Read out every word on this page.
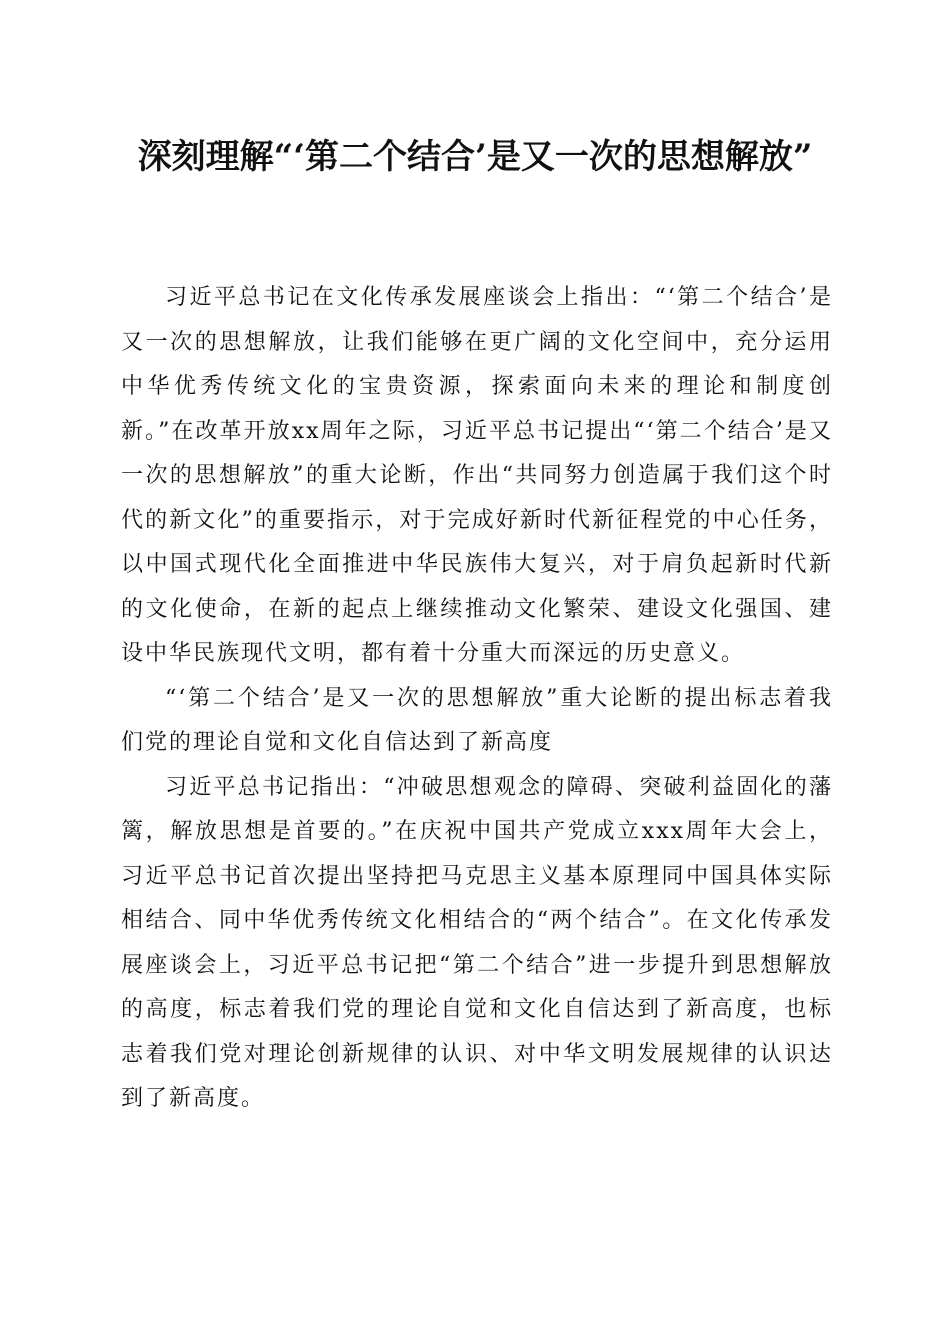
深刻理解“‘第二个结合’是又一次的思想解放”

习近平总书记在文化传承发展座谈会上指出：“‘第二个结合’是又一次的思想解放，让我们能够在更广阔的文化空间中，充分运用中华优秀传统文化的宝贵资源，探索面向未来的理论和制度创新。”在改革开放xx周年之际，习近平总书记提出“‘第二个结合’是又一次的思想解放”的重大论断，作出“共同努力创造属于我们这个时代的新文化”的重要指示，对于完成好新时代新征程党的中心任务，以中国式现代化全面推进中华民族伟大复兴，对于肩负起新时代新的文化使命，在新的起点上继续推动文化繁荣、建设文化强国、建设中华民族现代文明，都有着十分重大而深远的历史意义。

“‘第二个结合’是又一次的思想解放”重大论断的提出标志着我们党的理论自觉和文化自信达到了新高度

习近平总书记指出：“冲破思想观念的障碍、突破利益固化的藩篱，解放思想是首要的。”在庆祝中国共产党成立xxx周年大会上，习近平总书记首次提出坚持把马克思主义基本原理同中国具体实际相结合、同中华优秀传统文化相结合的“两个结合”。在文化传承发展座谈会上，习近平总书记把“第二个结合”进一步提升到思想解放的高度，标志着我们党的理论自觉和文化自信达到了新高度，也标志着我们党对理论创新规律的认识、对中华文明发展规律的认识达到了新高度。
